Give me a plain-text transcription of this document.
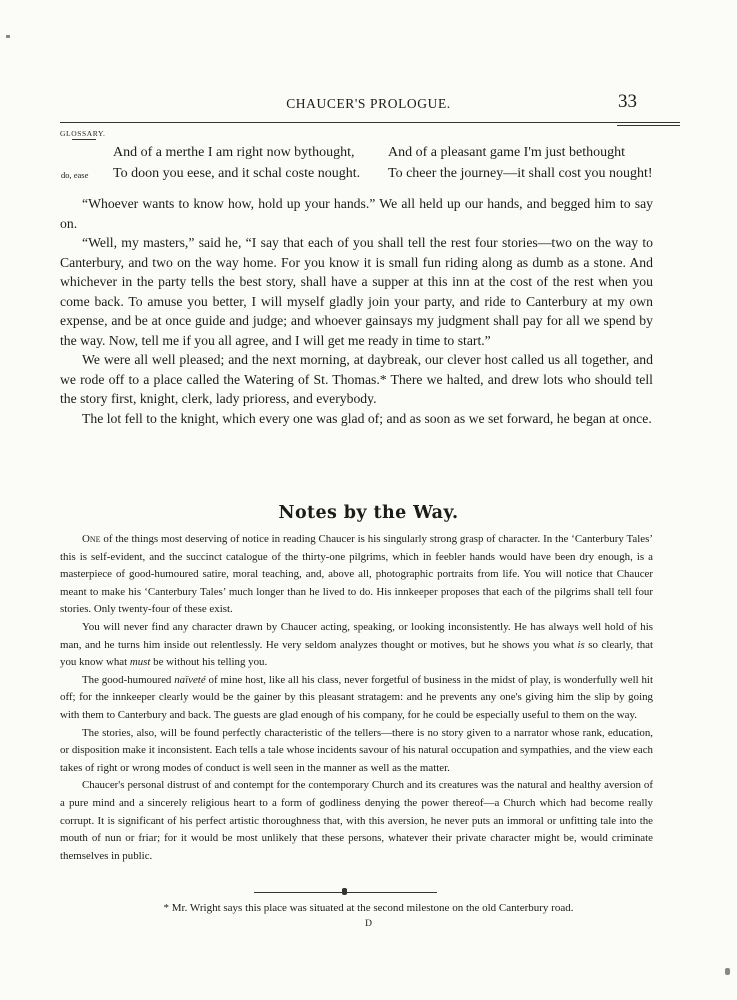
CHAUCER'S PROLOGUE.	33
GLOSSARY.
And of a merthe I am right now bythought, And of a pleasant game I'm just bethought
do, ease To doon you eese, and it schal coste nought. To cheer the journey—it shall cost you nought!

“Whoever wants to know how, hold up your hands.” We all held up our hands, and begged him to say on.

“Well, my masters,” said he, “I say that each of you shall tell the rest four stories—two on the way to Canterbury, and two on the way home. For you know it is small fun riding along as dumb as a stone. And whichever in the party tells the best story, shall have a supper at this inn at the cost of the rest when you come back. To amuse you better, I will myself gladly join your party, and ride to Canterbury at my own expense, and be at once guide and judge; and whoever gainsays my judgment shall pay for all we spend by the way. Now, tell me if you all agree, and I will get me ready in time to start.”

We were all well pleased; and the next morning, at daybreak, our clever host called us all together, and we rode off to a place called the Watering of St. Thomas.* There we halted, and drew lots who should tell the story first, knight, clerk, lady prioress, and everybody.

The lot fell to the knight, which every one was glad of; and as soon as we set forward, he began at once.

Notes by the Way.

One of the things most deserving of notice in reading Chaucer is his singularly strong grasp of character. In the ‘Canterbury Tales’ this is self-evident, and the succinct catalogue of the thirty-one pilgrims, which in feebler hands would have been dry enough, is a masterpiece of good-humoured satire, moral teaching, and, above all, photographic portraits from life. You will notice that Chaucer meant to make his ‘Canterbury Tales’ much longer than he lived to do. His innkeeper proposes that each of the pilgrims shall tell four stories. Only twenty-four of these exist.

You will never find any character drawn by Chaucer acting, speaking, or looking inconsistently. He has always well hold of his man, and he turns him inside out relentlessly. He very seldom analyzes thought or motives, but he shows you what is so clearly, that you know what must be without his telling you.

The good-humoured naïveté of mine host, like all his class, never forgetful of business in the midst of play, is wonderfully well hit off; for the innkeeper clearly would be the gainer by this pleasant stratagem: and he prevents any one's giving him the slip by going with them to Canterbury and back. The guests are glad enough of his company, for he could be especially useful to them on the way.

The stories, also, will be found perfectly characteristic of the tellers—there is no story given to a narrator whose rank, education, or disposition make it inconsistent. Each tells a tale whose incidents savour of his natural occupation and sympathies, and the view each takes of right or wrong modes of conduct is well seen in the manner as well as the matter.

Chaucer's personal distrust of and contempt for the contemporary Church and its creatures was the natural and healthy aversion of a pure mind and a sincerely religious heart to a form of godliness denying the power thereof—a Church which had become really corrupt. It is significant of his perfect artistic thoroughness that, with this aversion, he never puts an immoral or unfitting tale into the mouth of nun or friar; for it would be most unlikely that these persons, whatever their private character might be, would criminate themselves in public.

* Mr. Wright says this place was situated at the second milestone on the old Canterbury road.
D
